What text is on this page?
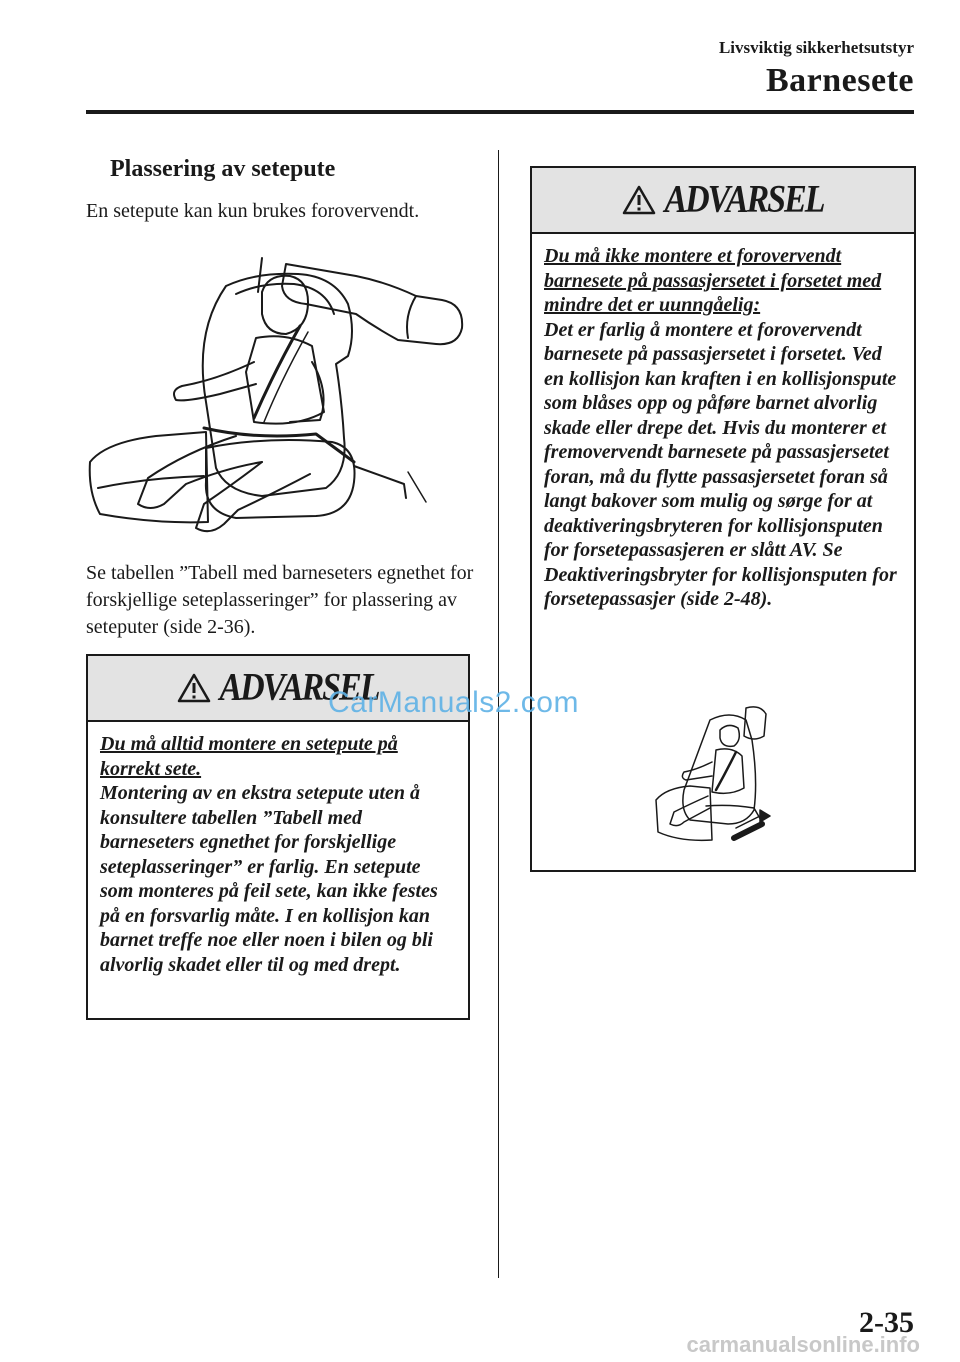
Livsviktig sikkerhetsutstyr
Barnesete
Plassering av setepute
En setepute kan kun brukes forovervendt.
Se tabellen ”Tabell med barneseters egnethet for forskjellige seteplasseringer” for plassering av seteputer (side 2-36).
ADVARSEL
Du må alltid montere en setepute på korrekt sete.
Montering av en ekstra setepute uten å konsultere tabellen ”Tabell med barneseters egnethet for forskjellige seteplasseringer” er farlig. En setepute som monteres på feil sete, kan ikke festes på en forsvarlig måte. I en kollisjon kan barnet treffe noe eller noen i bilen og bli alvorlig skadet eller til og med drept.
ADVARSEL
Du må ikke montere et forovervendt barnesete på passasjersetet i forsetet med mindre det er uunngåelig:
Det er farlig å montere et forovervendt barnesete på passasjersetet i forsetet. Ved en kollisjon kan kraften i en kollisjonspute som blåses opp og påføre barnet alvorlig skade eller drepe det. Hvis du monterer et fremovervendt barnesete på passasjersetet foran, må du flytte passasjersetet foran så langt bakover som mulig og sørge for at deaktiveringsbryteren for kollisjonsputen for forsetepassasjeren er slått AV. Se Deaktiveringsbryter for kollisjonsputen for forsetepassasjer (side 2-48).
CarManuals2.com
2-35
carmanualsonline.info
